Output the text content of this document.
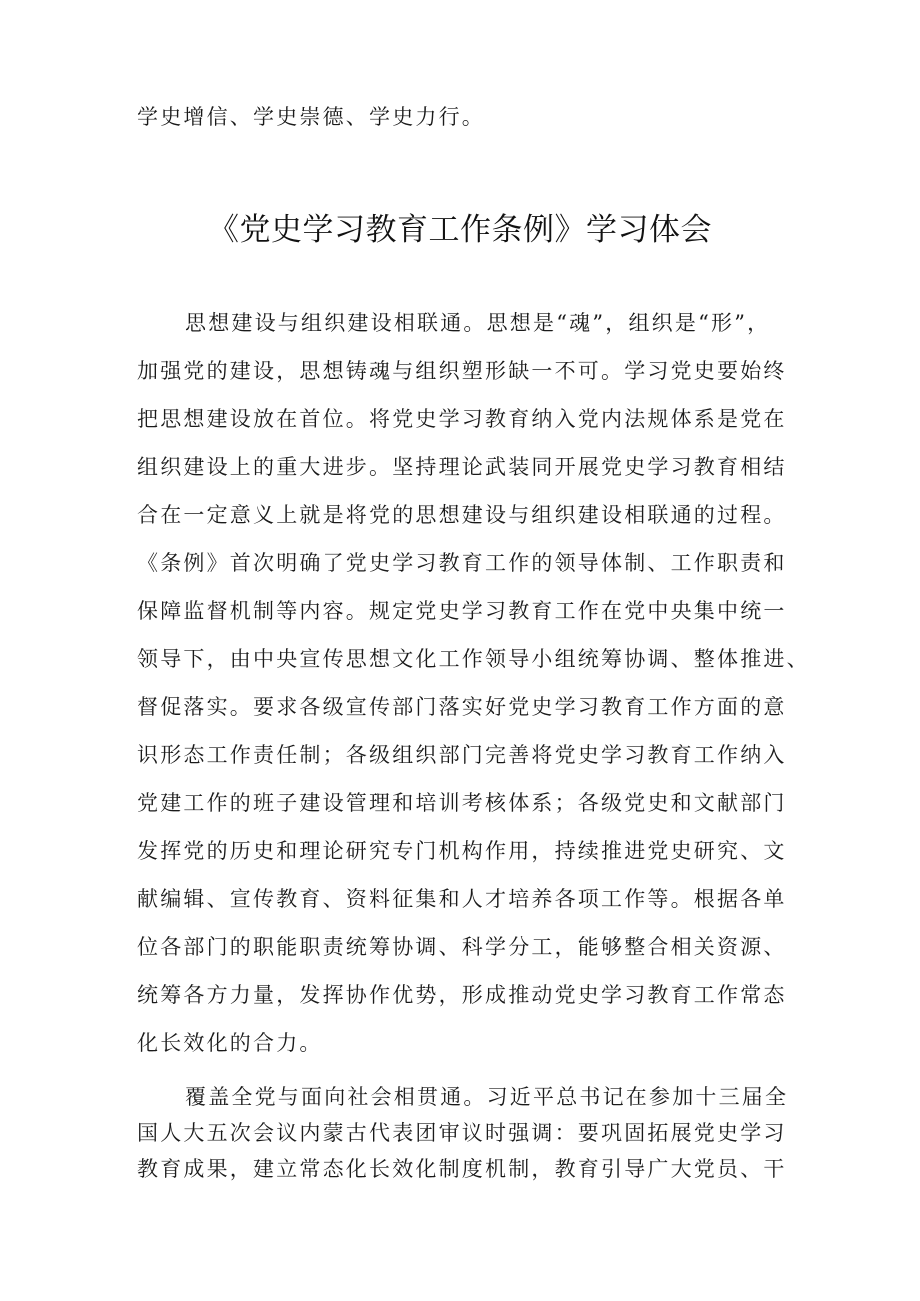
学史增信、学史崇德、学史力行。
《党史学习教育工作条例》学习体会
思想建设与组织建设相联通。思想是“魂”，组织是“形”，
加强党的建设，思想铸魂与组织塑形缺一不可。学习党史要始终
把思想建设放在首位。将党史学习教育纳入党内法规体系是党在
组织建设上的重大进步。坚持理论武装同开展党史学习教育相结
合在一定意义上就是将党的思想建设与组织建设相联通的过程。
《条例》首次明确了党史学习教育工作的领导体制、工作职责和
保障监督机制等内容。规定党史学习教育工作在党中央集中统一
领导下，由中央宣传思想文化工作领导小组统筹协调、整体推进、
督促落实。要求各级宣传部门落实好党史学习教育工作方面的意
识形态工作责任制；各级组织部门完善将党史学习教育工作纳入
党建工作的班子建设管理和培训考核体系；各级党史和文献部门
发挥党的历史和理论研究专门机构作用，持续推进党史研究、文
献编辑、宣传教育、资料征集和人才培养各项工作等。根据各单
位各部门的职能职责统筹协调、科学分工，能够整合相关资源、
统筹各方力量，发挥协作优势，形成推动党史学习教育工作常态
化长效化的合力。
覆盖全党与面向社会相贯通。习近平总书记在参加十三届全
国人大五次会议内蒙古代表团审议时强调：要巩固拓展党史学习
教育成果，建立常态化长效化制度机制，教育引导广大党员、干
